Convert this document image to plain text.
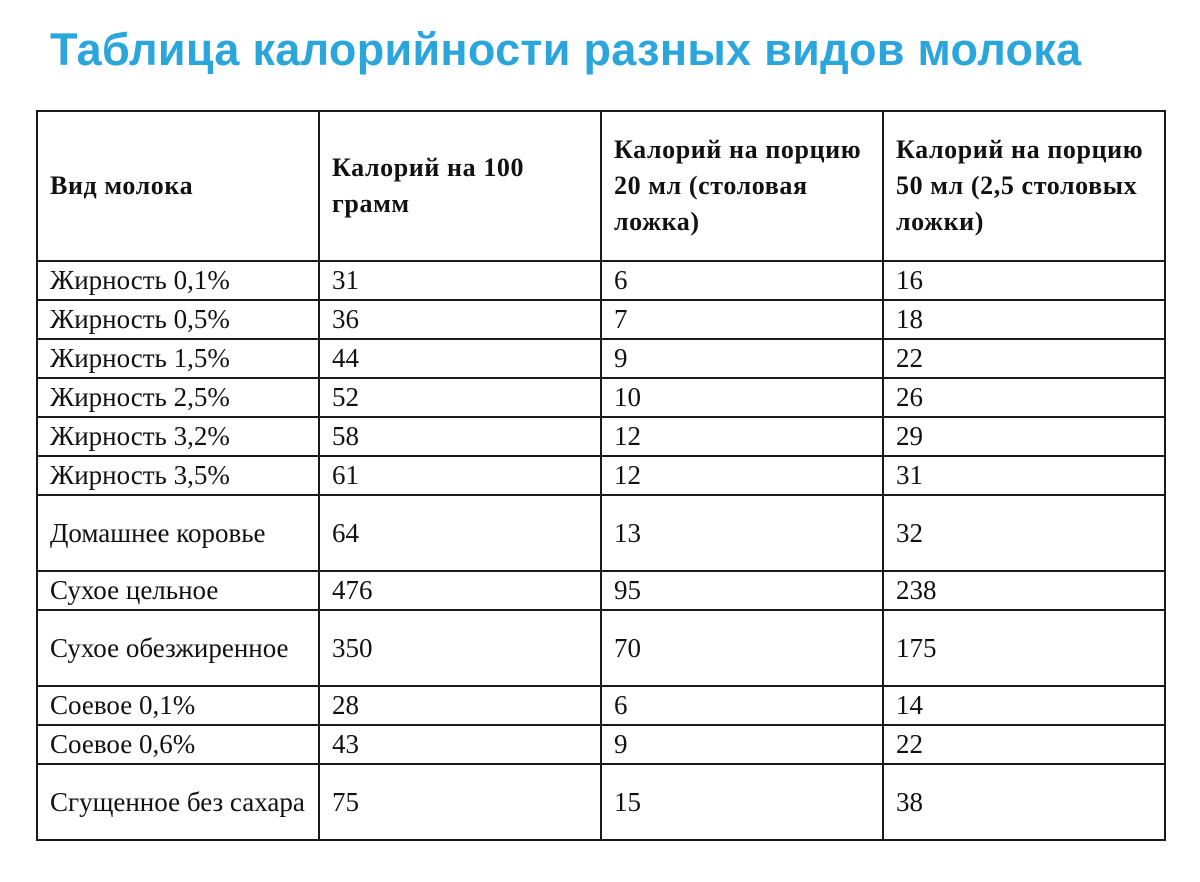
Таблица калорийности разных видов молока
Вид молока	Калорий на 100 грамм	Калорий на порцию 20 мл (столовая ложка)	Калорий на порцию 50 мл (2,5 столовых ложки)
Жирность 0,1%	31	6	16
Жирность 0,5%	36	7	18
Жирность 1,5%	44	9	22
Жирность 2,5%	52	10	26
Жирность 3,2%	58	12	29
Жирность 3,5%	61	12	31
Домашнее коровье	64	13	32
Сухое цельное	476	95	238
Сухое обезжиренное	350	70	175
Соевое 0,1%	28	6	14
Соевое 0,6%	43	9	22
Сгущенное без сахара	75	15	38
